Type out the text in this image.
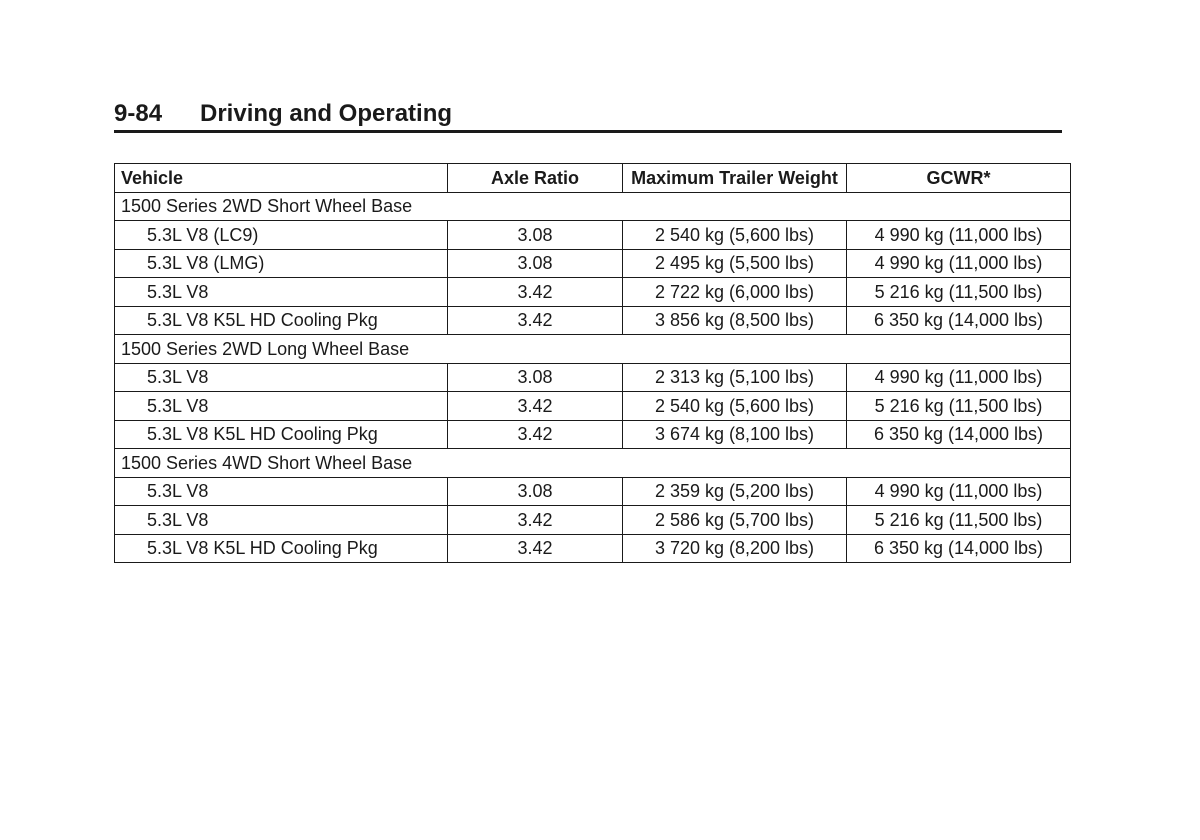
9-84 Driving and Operating
Vehicle	Axle Ratio	Maximum Trailer Weight	GCWR*
1500 Series 2WD Short Wheel Base			
5.3L V8 (LC9)	3.08	2 540 kg (5,600 lbs)	4 990 kg (11,000 lbs)
5.3L V8 (LMG)	3.08	2 495 kg (5,500 lbs)	4 990 kg (11,000 lbs)
5.3L V8	3.42	2 722 kg (6,000 lbs)	5 216 kg (11,500 lbs)
5.3L V8 K5L HD Cooling Pkg	3.42	3 856 kg (8,500 lbs)	6 350 kg (14,000 lbs)
1500 Series 2WD Long Wheel Base			
5.3L V8	3.08	2 313 kg (5,100 lbs)	4 990 kg (11,000 lbs)
5.3L V8	3.42	2 540 kg (5,600 lbs)	5 216 kg (11,500 lbs)
5.3L V8 K5L HD Cooling Pkg	3.42	3 674 kg (8,100 lbs)	6 350 kg (14,000 lbs)
1500 Series 4WD Short Wheel Base			
5.3L V8	3.08	2 359 kg (5,200 lbs)	4 990 kg (11,000 lbs)
5.3L V8	3.42	2 586 kg (5,700 lbs)	5 216 kg (11,500 lbs)
5.3L V8 K5L HD Cooling Pkg	3.42	3 720 kg (8,200 lbs)	6 350 kg (14,000 lbs)
